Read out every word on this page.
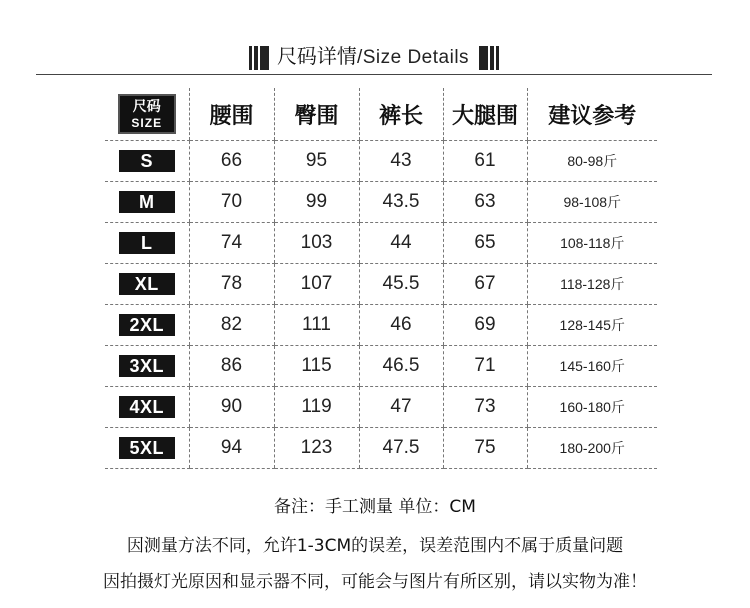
尺码详情/Size Details
尺码
SIZE	腰围	臀围	裤长	大腿围	建议参考
S	66	95	43	61	80-98斤
M	70	99	43.5	63	98-108斤
L	74	103	44	65	108-118斤
XL	78	107	45.5	67	118-128斤
2XL	82	111	46	69	128-145斤
3XL	86	115	46.5	71	145-160斤
4XL	90	119	47	73	160-180斤
5XL	94	123	47.5	75	180-200斤
备注：手工测量 单位：CM
因测量方法不同，允许1-3CM的误差，误差范围内不属于质量问题
因拍摄灯光原因和显示器不同，可能会与图片有所区别，请以实物为准！
